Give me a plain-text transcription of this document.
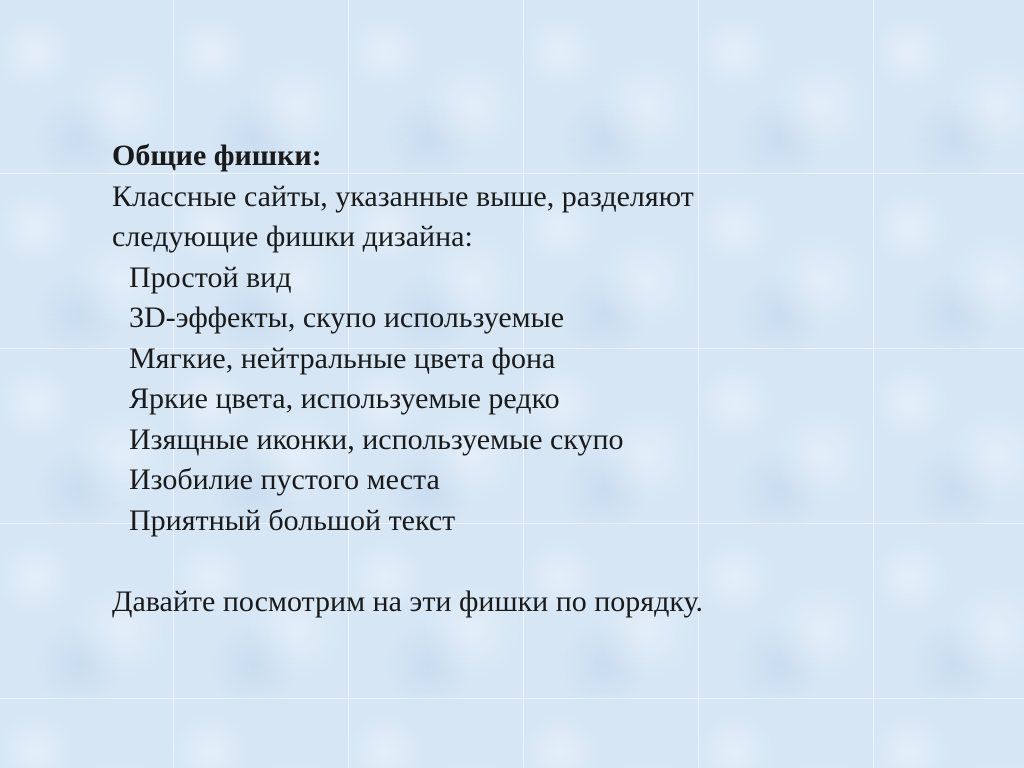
Общие фишки:

Классные сайты, указанные выше, разделяют

следующие фишки дизайна:

Простой вид
3D-эффекты, скупо используемые
Мягкие, нейтральные цвета фона
Яркие цвета, используемые редко
Изящные иконки, используемые скупо
Изобилие пустого места
Приятный большой текст

Давайте посмотрим на эти фишки по порядку.
